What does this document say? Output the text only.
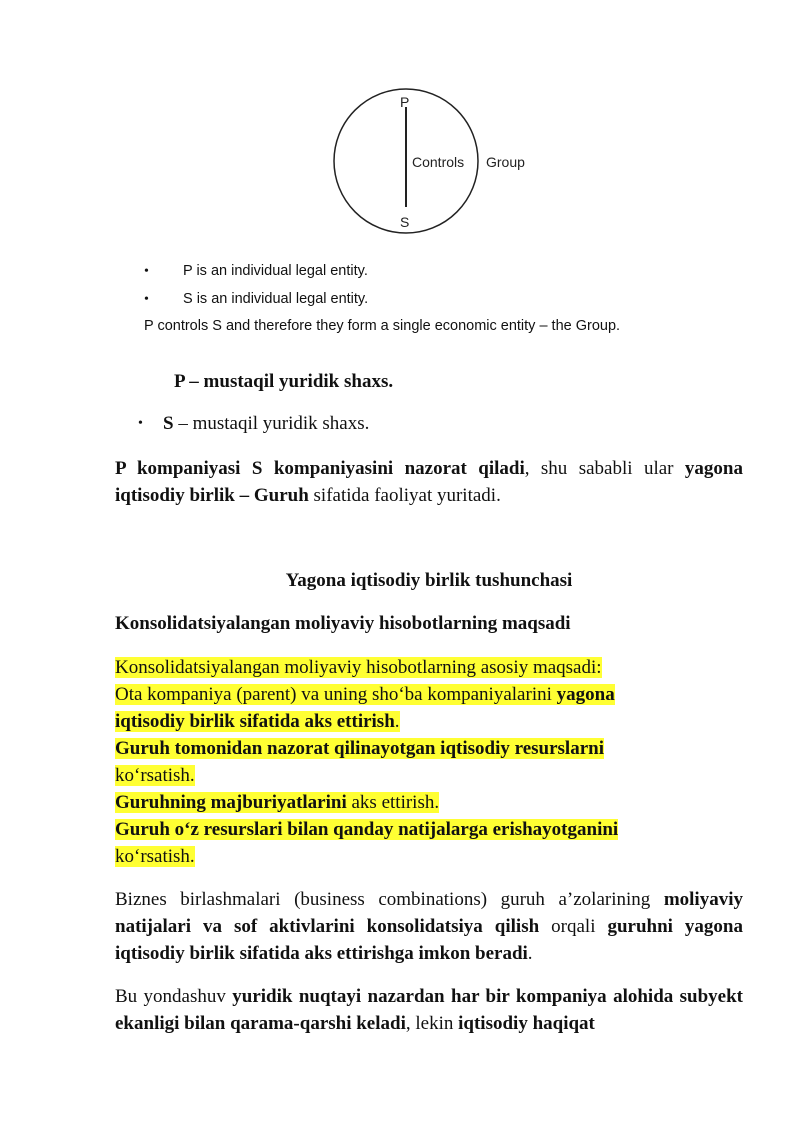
P
S
Controls Group
• P is an individual legal entity.
• S is an individual legal entity.
P controls S and therefore they form a single economic entity – the Group.
P – mustaqil yuridik shaxs.
• S – mustaqil yuridik shaxs.
P kompaniyasi S kompaniyasini nazorat qiladi, shu sababli ular yagona iqtisodiy birlik – Guruh sifatida faoliyat yuritadi.
Yagona iqtisodiy birlik tushunchasi
Konsolidatsiyalangan moliyaviy hisobotlarning maqsadi
Konsolidatsiyalangan moliyaviy hisobotlarning asosiy maqsadi:
Ota kompaniya (parent) va uning sho‘ba kompaniyalarini yagona
iqtisodiy birlik sifatida aks ettirish.
Guruh tomonidan nazorat qilinayotgan iqtisodiy resurslarni
ko‘rsatish.
Guruhning majburiyatlarini aks ettirish.
Guruh o‘z resurslari bilan qanday natijalarga erishayotganini
ko‘rsatish.
Biznes birlashmalari (business combinations) guruh a’zolarining moliyaviy natijalari va sof aktivlarini konsolidatsiya qilish orqali guruhni yagona iqtisodiy birlik sifatida aks ettirishga imkon beradi.
Bu yondashuv yuridik nuqtayi nazardan har bir kompaniya alohida subyekt ekanligi bilan qarama-qarshi keladi, lekin iqtisodiy haqiqat
